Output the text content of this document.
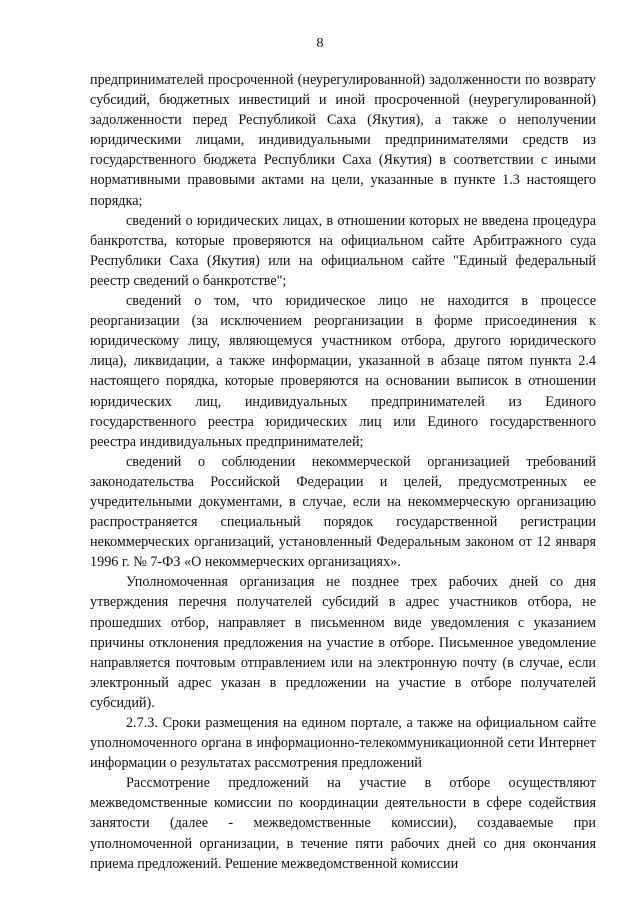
8

предпринимателей просроченной (неурегулированной) задолженности по возврату субсидий, бюджетных инвестиций и иной просроченной (неурегулированной) задолженности перед Республикой Саха (Якутия), а также о неполучении юридическими лицами, индивидуальными предпринимателями средств из государственного бюджета Республики Саха (Якутия) в соответствии с иными нормативными правовыми актами на цели, указанные в пункте 1.3 настоящего порядка;

сведений о юридических лицах, в отношении которых не введена процедура банкротства, которые проверяются на официальном сайте Арбитражного суда Республики Саха (Якутия) или на официальном сайте "Единый федеральный реестр сведений о банкротстве";

сведений о том, что юридическое лицо не находится в процессе реорганизации (за исключением реорганизации в форме присоединения к юридическому лицу, являющемуся участником отбора, другого юридического лица), ликвидации, а также информации, указанной в абзаце пятом пункта 2.4 настоящего порядка, которые проверяются на основании выписок в отношении юридических лиц, индивидуальных предпринимателей из Единого государственного реестра юридических лиц или Единого государственного реестра индивидуальных предпринимателей;

сведений о соблюдении некоммерческой организацией требований законодательства Российской Федерации и целей, предусмотренных ее учредительными документами, в случае, если на некоммерческую организацию распространяется специальный порядок государственной регистрации некоммерческих организаций, установленный Федеральным законом от 12 января 1996 г. № 7-ФЗ «О некоммерческих организациях».

Уполномоченная организация не позднее трех рабочих дней со дня утверждения перечня получателей субсидий в адрес участников отбора, не прошедших отбор, направляет в письменном виде уведомления с указанием причины отклонения предложения на участие в отборе. Письменное уведомление направляется почтовым отправлением или на электронную почту (в случае, если электронный адрес указан в предложении на участие в отборе получателей субсидий).

2.7.3. Сроки размещения на едином портале, а также на официальном сайте уполномоченного органа в информационно-телекоммуникационной сети Интернет информации о результатах рассмотрения предложений

Рассмотрение предложений на участие в отборе осуществляют межведомственные комиссии по координации деятельности в сфере содействия занятости (далее - межведомственные комиссии), создаваемые при уполномоченной организации, в течение пяти рабочих дней со дня окончания приема предложений. Решение межведомственной комиссии
